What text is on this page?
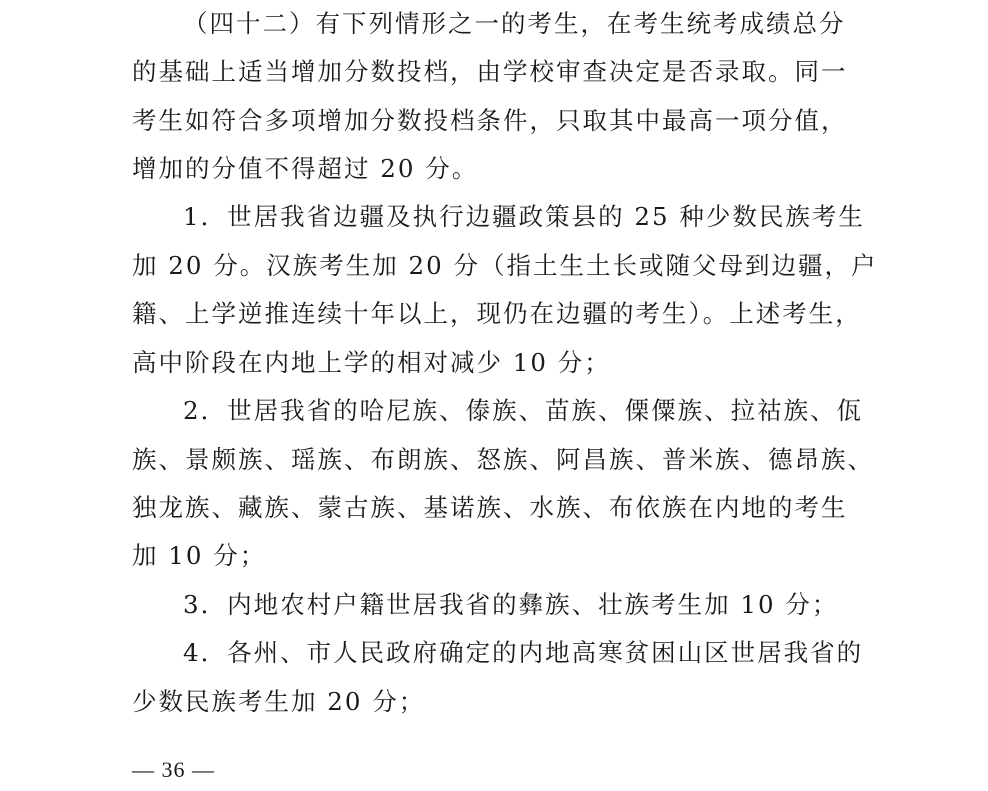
（四十二）有下列情形之一的考生，在考生统考成绩总分
的基础上适当增加分数投档，由学校审查决定是否录取。同一
考生如符合多项增加分数投档条件，只取其中最高一项分值，
增加的分值不得超过 20 分。
1．世居我省边疆及执行边疆政策县的 25 种少数民族考生
加 20 分。汉族考生加 20 分（指土生土长或随父母到边疆，户
籍、上学逆推连续十年以上，现仍在边疆的考生）。上述考生，
高中阶段在内地上学的相对减少 10 分；
2．世居我省的哈尼族、傣族、苗族、傈僳族、拉祜族、佤
族、景颇族、瑶族、布朗族、怒族、阿昌族、普米族、德昂族、
独龙族、藏族、蒙古族、基诺族、水族、布依族在内地的考生
加 10 分；
3．内地农村户籍世居我省的彝族、壮族考生加 10 分；
4．各州、市人民政府确定的内地高寒贫困山区世居我省的
少数民族考生加 20 分；
— 36 —
